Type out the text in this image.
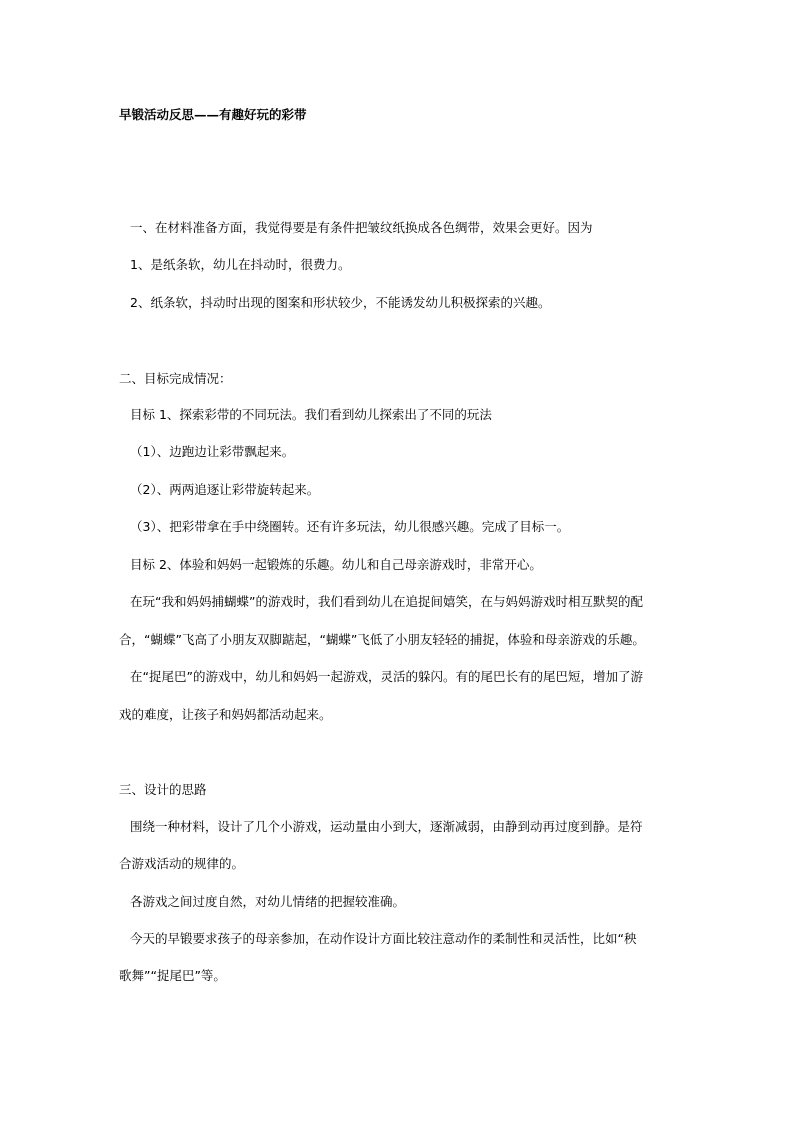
早锻活动反思——有趣好玩的彩带
一、在材料准备方面，我觉得要是有条件把皱纹纸换成各色绸带，效果会更好。因为
1、是纸条软，幼儿在抖动时，很费力。
2、纸条软，抖动时出现的图案和形状较少，不能诱发幼儿积极探索的兴趣。
二、目标完成情况：
目标 1、探索彩带的不同玩法。我们看到幼儿探索出了不同的玩法
（1）、边跑边让彩带飘起来。
（2）、两两追逐让彩带旋转起来。
（3）、把彩带拿在手中绕圈转。还有许多玩法，幼儿很感兴趣。完成了目标一。
目标 2、体验和妈妈一起锻炼的乐趣。幼儿和自己母亲游戏时，非常开心。
在玩“我和妈妈捕蝴蝶”的游戏时，我们看到幼儿在追捉间嬉笑，在与妈妈游戏时相互默契的配
合，“蝴蝶”飞高了小朋友双脚踮起，“蝴蝶”飞低了小朋友轻轻的捕捉，体验和母亲游戏的乐趣。
在“捉尾巴”的游戏中，幼儿和妈妈一起游戏，灵活的躲闪。有的尾巴长有的尾巴短，增加了游
戏的难度，让孩子和妈妈都活动起来。
三、设计的思路
围绕一种材料，设计了几个小游戏，运动量由小到大，逐渐减弱，由静到动再过度到静。是符
合游戏活动的规律的。
各游戏之间过度自然，对幼儿情绪的把握较准确。
今天的早锻要求孩子的母亲参加，在动作设计方面比较注意动作的柔制性和灵活性，比如“秧
歌舞”“捉尾巴”等。
